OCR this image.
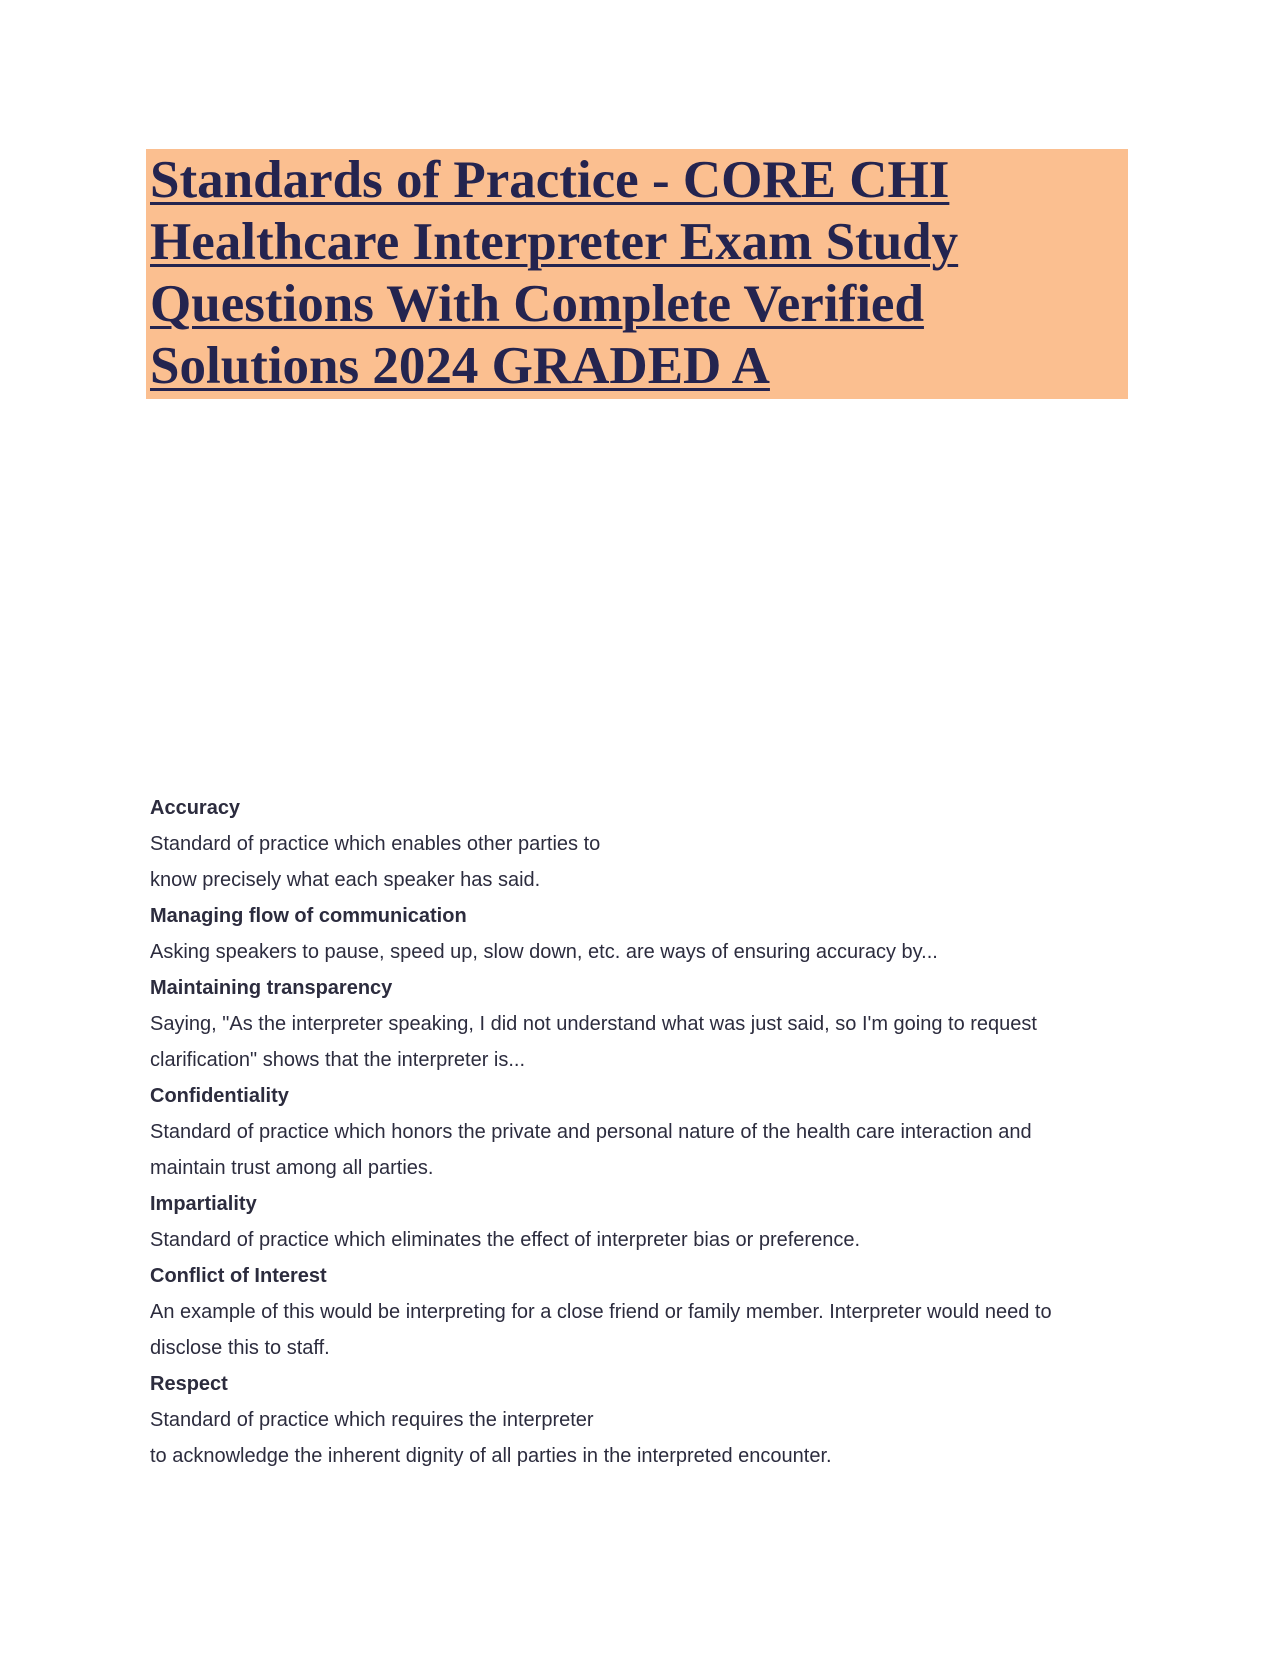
Standards of Practice - CORE CHI
Healthcare Interpreter Exam Study
Questions With Complete Verified
Solutions 2024 GRADED A
Accuracy
Standard of practice which enables other parties to
know precisely what each speaker has said.
Managing flow of communication
Asking speakers to pause, speed up, slow down, etc. are ways of ensuring accuracy by...
Maintaining transparency
Saying, "As the interpreter speaking, I did not understand what was just said, so I'm going to request
clarification" shows that the interpreter is...
Confidentiality
Standard of practice which honors the private and personal nature of the health care interaction and
maintain trust among all parties.
Impartiality
Standard of practice which eliminates the effect of interpreter bias or preference.
Conflict of Interest
An example of this would be interpreting for a close friend or family member. Interpreter would need to
disclose this to staff.
Respect
Standard of practice which requires the interpreter
to acknowledge the inherent dignity of all parties in the interpreted encounter.
